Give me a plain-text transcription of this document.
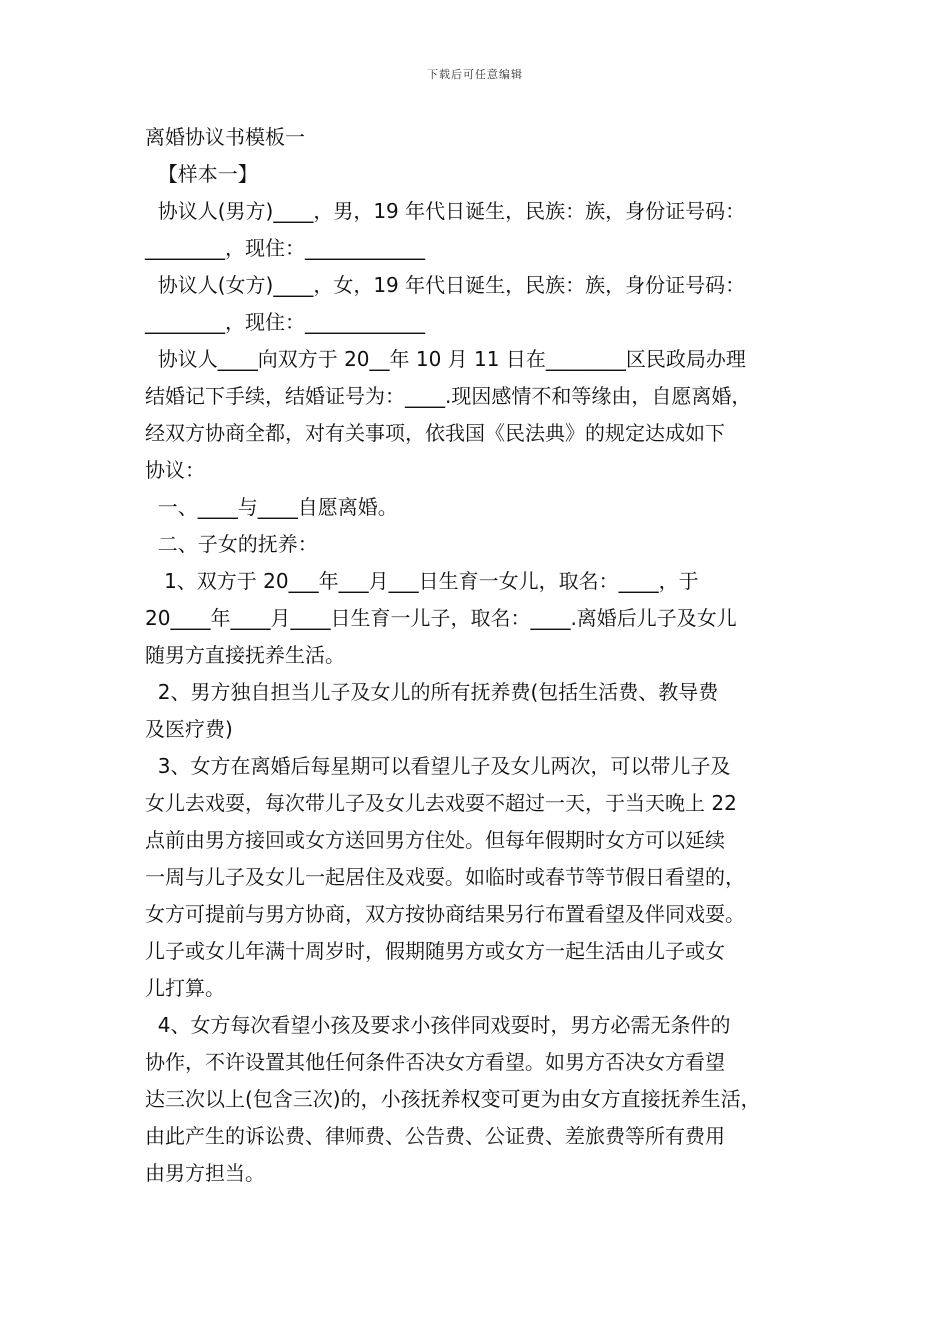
下载后可任意编辑
离婚协议书模板一
【样本一】
协议人(男方)____，男，19 年代日诞生，民族：族，身份证号码：
________，现住：____________
协议人(女方)____，女，19 年代日诞生，民族：族，身份证号码：
________，现住：____________
协议人____向双方于 20__年 10 月 11 日在________区民政局办理
结婚记下手续，结婚证号为：____.现因感情不和等缘由，自愿离婚，
经双方协商全都，对有关事项，依我国《民法典》的规定达成如下
协议：
一、____与____自愿离婚。
二、子女的抚养：
1、双方于 20___年___月___日生育一女儿，取名：____，于
20____年____月____日生育一儿子，取名：____.离婚后儿子及女儿
随男方直接抚养生活。
2、男方独自担当儿子及女儿的所有抚养费(包括生活费、教导费
及医疗费)
3、女方在离婚后每星期可以看望儿子及女儿两次，可以带儿子及
女儿去戏耍，每次带儿子及女儿去戏耍不超过一天，于当天晚上 22
点前由男方接回或女方送回男方住处。但每年假期时女方可以延续
一周与儿子及女儿一起居住及戏耍。如临时或春节等节假日看望的，
女方可提前与男方协商，双方按协商结果另行布置看望及伴同戏耍。
儿子或女儿年满十周岁时，假期随男方或女方一起生活由儿子或女
儿打算。
4、女方每次看望小孩及要求小孩伴同戏耍时，男方必需无条件的
协作，不许设置其他任何条件否决女方看望。如男方否决女方看望
达三次以上(包含三次)的，小孩抚养权变可更为由女方直接抚养生活，
由此产生的诉讼费、律师费、公告费、公证费、差旅费等所有费用
由男方担当。
